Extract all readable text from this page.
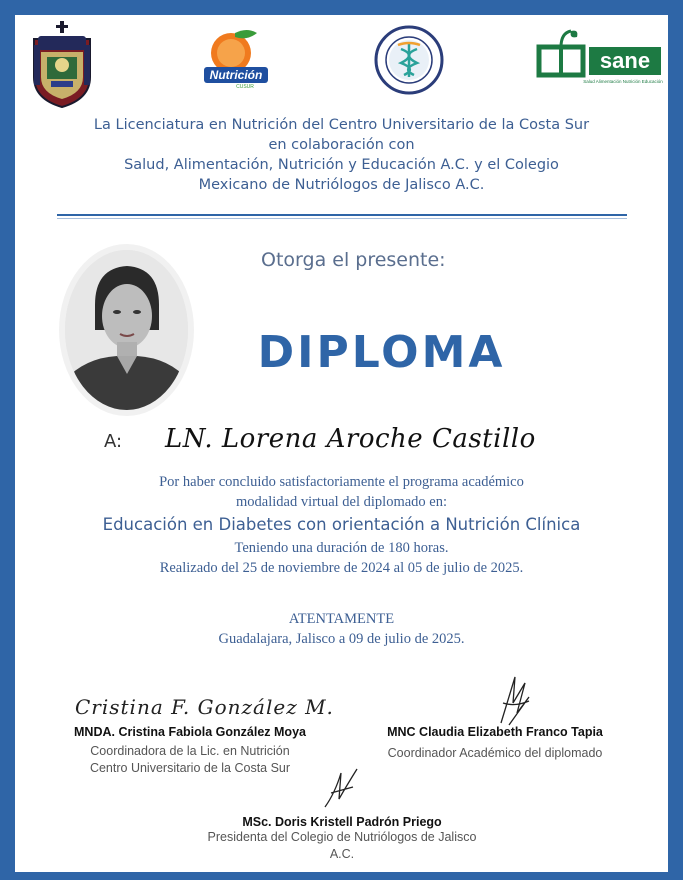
Nutrición
CUSUR
sane
Salud Alimentación Nutrición Educación
La Licenciatura en Nutrición del Centro Universitario de la Costa Sur
en colaboración con
Salud, Alimentación, Nutrición y Educación A.C. y el Colegio
Mexicano de Nutriólogos de Jalisco A.C.
Otorga el presente:
DIPLOMA
A: LN. Lorena Aroche Castillo
Por haber concluido satisfactoriamente el programa académico
modalidad virtual del diplomado en:
Educación en Diabetes con orientación a Nutrición Clínica
Teniendo una duración de 180 horas.
Realizado del 25 de noviembre de 2024 al 05 de julio de 2025.
ATENTAMENTE
Guadalajara, Jalisco a 09 de julio de 2025.
Cristina F. González M.
MNDA. Cristina Fabiola González Moya
Coordinadora de la Lic. en Nutrición
Centro Universitario de la Costa Sur
MNC Claudia Elizabeth Franco Tapia
Coordinador Académico del diplomado
MSc. Doris Kristell Padrón Priego
Presidenta del Colegio de Nutriólogos de Jalisco
A.C.
